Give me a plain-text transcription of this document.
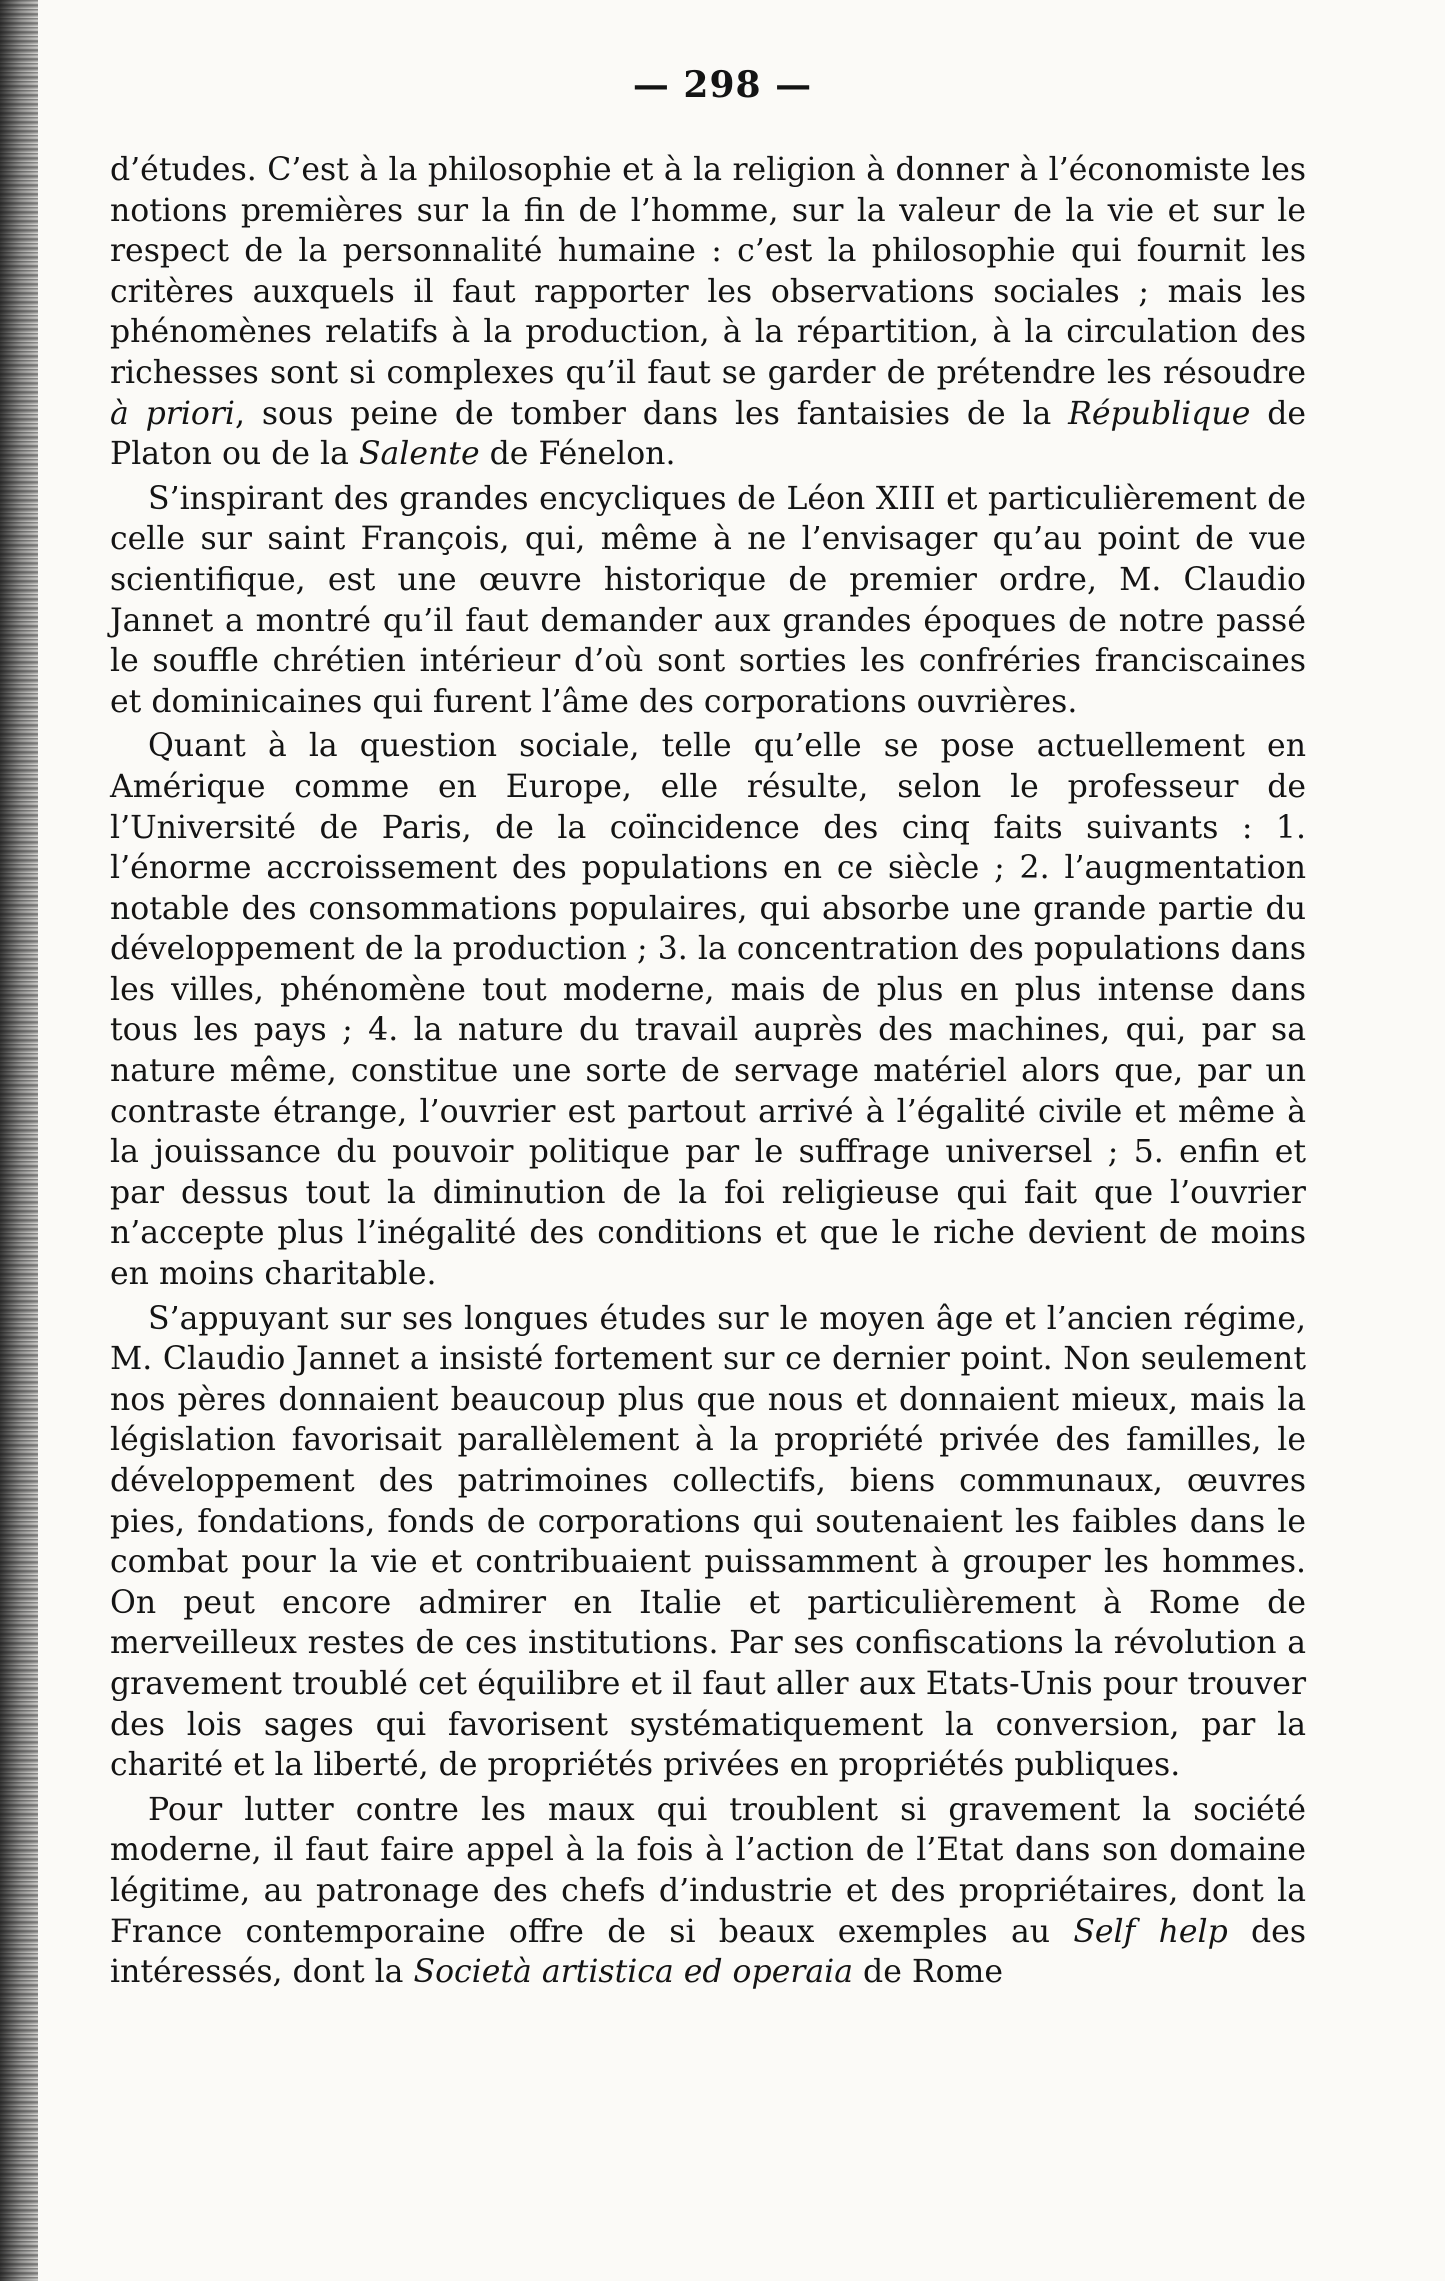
— 298 —

d’études. C’est à la philosophie et à la religion à donner à l’économiste les notions premières sur la fin de l’homme, sur la valeur de la vie et sur le respect de la personnalité humaine : c’est la philosophie qui fournit les critères auxquels il faut rapporter les observations sociales ; mais les phénomènes relatifs à la production, à la répartition, à la circulation des richesses sont si complexes qu’il faut se garder de prétendre les résoudre à priori, sous peine de tomber dans les fantaisies de la République de Platon ou de la Salente de Fénelon.

S’inspirant des grandes encycliques de Léon XIII et particulièrement de celle sur saint François, qui, même à ne l’envisager qu’au point de vue scientifique, est une œuvre historique de premier ordre, M. Claudio Jannet a montré qu’il faut demander aux grandes époques de notre passé le souffle chrétien intérieur d’où sont sorties les confréries franciscaines et dominicaines qui furent l’âme des corporations ouvrières.

Quant à la question sociale, telle qu’elle se pose actuellement en Amérique comme en Europe, elle résulte, selon le professeur de l’Université de Paris, de la coïncidence des cinq faits suivants : 1. l’énorme accroissement des populations en ce siècle ; 2. l’augmentation notable des consommations populaires, qui absorbe une grande partie du développement de la production ; 3. la concentration des populations dans les villes, phénomène tout moderne, mais de plus en plus intense dans tous les pays ; 4. la nature du travail auprès des machines, qui, par sa nature même, constitue une sorte de servage matériel alors que, par un contraste étrange, l’ouvrier est partout arrivé à l’égalité civile et même à la jouissance du pouvoir politique par le suffrage universel ; 5. enfin et par dessus tout la diminution de la foi religieuse qui fait que l’ouvrier n’accepte plus l’inégalité des conditions et que le riche devient de moins en moins charitable.

S’appuyant sur ses longues études sur le moyen âge et l’ancien régime, M. Claudio Jannet a insisté fortement sur ce dernier point. Non seulement nos pères donnaient beaucoup plus que nous et donnaient mieux, mais la législation favorisait parallèlement à la propriété privée des familles, le développement des patrimoines collectifs, biens communaux, œuvres pies, fondations, fonds de corporations qui soutenaient les faibles dans le combat pour la vie et contribuaient puissamment à grouper les hommes. On peut encore admirer en Italie et particulièrement à Rome de merveilleux restes de ces institutions. Par ses confiscations la révolution a gravement troublé cet équilibre et il faut aller aux Etats-Unis pour trouver des lois sages qui favorisent systématiquement la conversion, par la charité et la liberté, de propriétés privées en propriétés publiques.

Pour lutter contre les maux qui troublent si gravement la société moderne, il faut faire appel à la fois à l’action de l’Etat dans son domaine légitime, au patronage des chefs d’industrie et des propriétaires, dont la France contemporaine offre de si beaux exemples au Self help des intéressés, dont la Società artistica ed operaia de Rome
